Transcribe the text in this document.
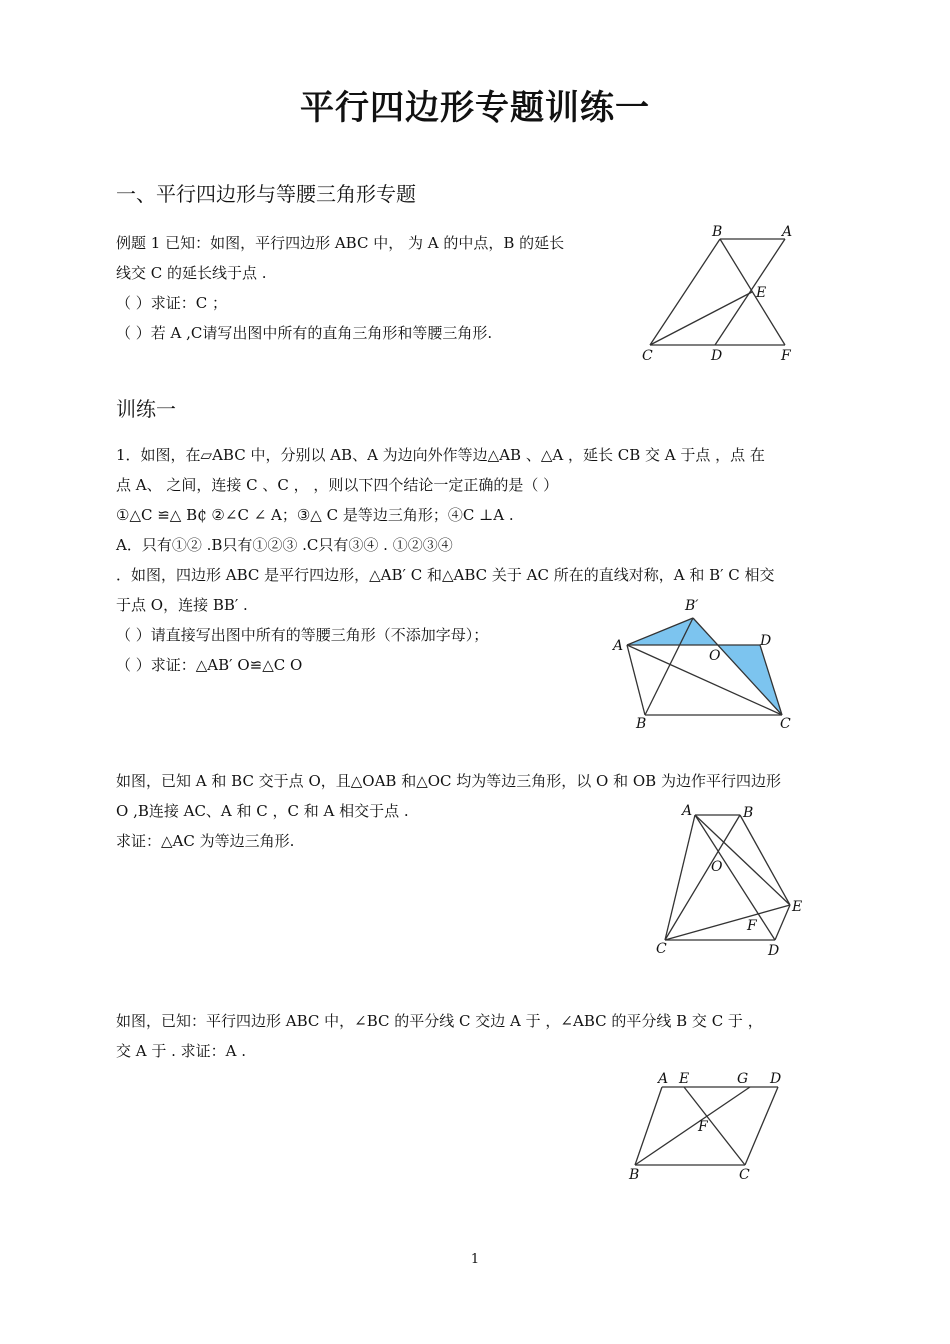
平行四边形专题训练一
一、平行四边形与等腰三角形专题
例题 1 已知：如图，平行四边形 ABC 中， 为 A 的中点，B 的延长
线交 C 的延长线于点 .
（ ）求证：C ；
（ ）若 A ,C请写出图中所有的直角三角形和等腰三角形.
B	A
E
C	D	F
训练一
1．如图，在▱ABC 中，分别以 AB、A 为边向外作等边△AB 、△A ，延长 CB 交 A 于点 ，点 在
点 A、 之间，连接 C 、C ， ，则以下四个结论一定正确的是（ ）
①△C ≌△ B₵ ②∠C ∠ A；③△ C 是等边三角形；④C ⊥A .
A．只有①② .B只有①②③ .C只有③④ . ①②③④
．如图，四边形 ABC 是平行四边形，△AB′ C 和△ABC 关于 AC 所在的直线对称，A 和 B′ C 相交
于点 O，连接 BB′ .
（ ）请直接写出图中所有的等腰三角形（不添加字母）；
（ ）求证：△AB′ O≌△C O
B′
A	D
O
B	C
如图，已知 A 和 BC 交于点 O，且△OAB 和△OC 均为等边三角形，以 O 和 OB 为边作平行四边形
O ,B连接 AC、A 和 C ，C 和 A 相交于点 .
求证：△AC 为等边三角形.
A	B
O
E
F
C	D
如图，已知：平行四边形 ABC 中，∠BC 的平分线 C 交边 A 于 ，∠ABC 的平分线 B 交 C 于 ，
交 A 于 . 求证：A .
A E	G D
F
B	C
1
